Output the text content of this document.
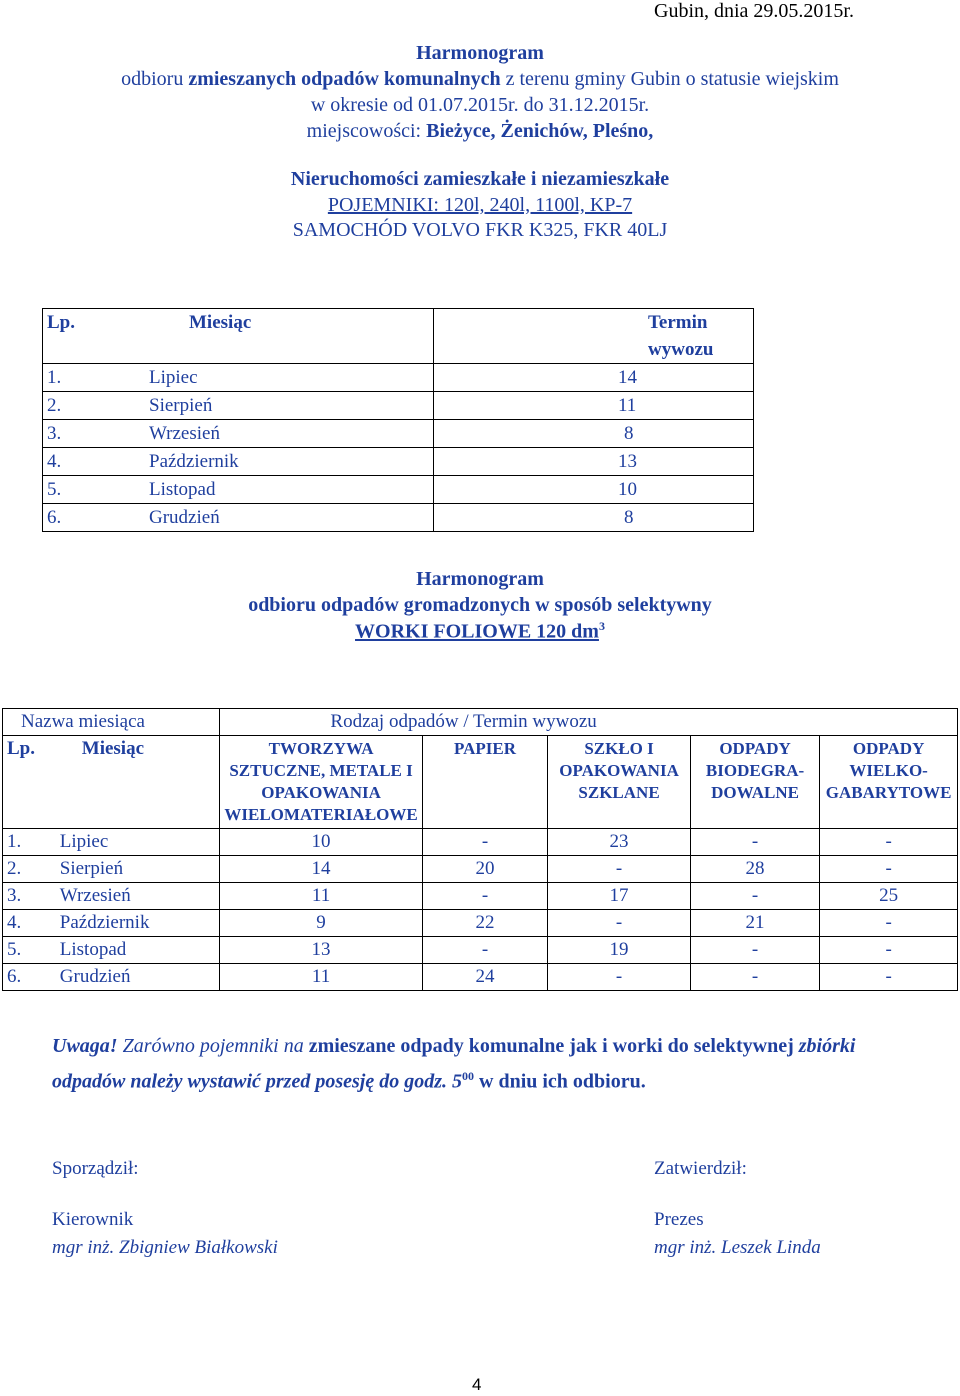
Gubin, dnia 29.05.2015r.
Harmonogram
odbioru zmieszanych odpadów komunalnych z terenu gminy Gubin o statusie wiejskim
w okresie od 01.07.2015r. do 31.12.2015r.
miejscowości: Bieżyce, Żenichów, Pleśno,
Nieruchomości zamieszkałe i niezamieszkałe
POJEMNIKI: 120l, 240l, 1100l, KP-7
SAMOCHÓD VOLVO FKR K325, FKR 40LJ
Lp.	Miesiąc	Termin wywozu
1.	Lipiec	14
2.	Sierpień	11
3.	Wrzesień	8
4.	Październik	13
5.	Listopad	10
6.	Grudzień	8
Harmonogram
odbioru odpadów gromadzonych w sposób selektywny
WORKI FOLIOWE 120 $dm^3$
Nazwa miesiąca		Rodzaj odpadów / Termin wywozu				
Lp.	Miesiąc	TWORZYWA SZTUCZNE, METALE I OPAKOWANIA WIELOMATERIAŁOWE	PAPIER	SZKŁO I OPAKOWANIA SZKLANE	ODPADY BIODEGRA-DOWALNE	ODPADY WIELKO-GABARYTOWE
1.	Lipiec	10	-	23	-	-
2.	Sierpień	14	20	-	28	-
3.	Wrzesień	11	-	17	-	25
4.	Październik	9	22	-	21	-
5.	Listopad	13	-	19	-	-
6.	Grudzień	11	24	-	-	-
Uwaga! Zarówno pojemniki na zmieszane odpady komunalne jak i worki do selektywnej zbiórki odpadów należy wystawić przed posesję do godz. $5^{00}$ w dniu ich odbioru.
Sporządził:
Kierownik
mgr inż. Zbigniew Białkowski
Zatwierdził:
Prezes
mgr inż. Leszek Linda
4
